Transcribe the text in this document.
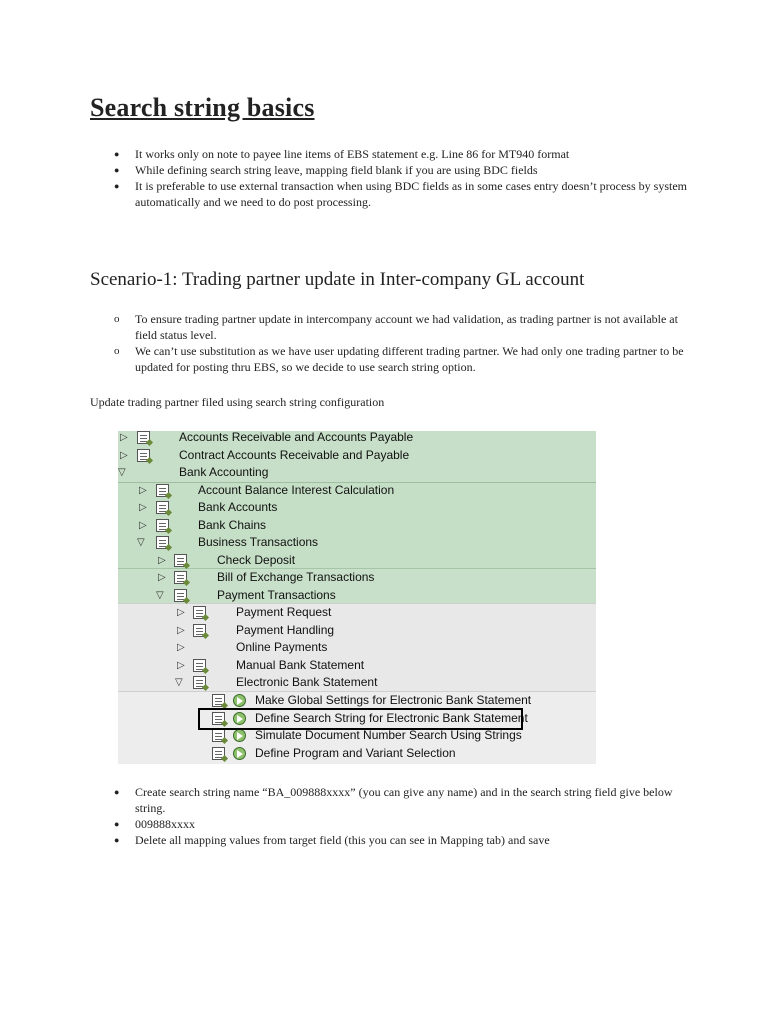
Search string basics
● It works only on note to payee line items of EBS statement e.g. Line 86 for MT940 format
● While defining search string leave, mapping field blank if you are using BDC fields
● It is preferable to use external transaction when using BDC fields as in some cases entry doesn’t process by system automatically and we need to do post processing.
Scenario-1: Trading partner update in Inter-company GL account
o To ensure trading partner update in intercompany account we had validation, as trading partner is not available at field status level.
o We can’t use substitution as we have user updating different trading partner. We had only one trading partner to be updated for posting thru EBS, so we decide to use search string option.
Update trading partner filed using search string configuration
▷	Accounts Receivable and Accounts Payable
▷	Contract Accounts Receivable and Payable
▽	Bank Accounting
▷	Account Balance Interest Calculation
▷	Bank Accounts
▷	Bank Chains
▽	Business Transactions
▷	Check Deposit
▷	Bill of Exchange Transactions
▽	Payment Transactions
▷	Payment Request
▷	Payment Handling
▷	Online Payments
▷	Manual Bank Statement
▽	Electronic Bank Statement
Make Global Settings for Electronic Bank Statement
Define Search String for Electronic Bank Statement
Simulate Document Number Search Using Strings
Define Program and Variant Selection
● Create search string name “BA_009888xxxx” (you can give any name) and in the search string field give below string.
● 009888xxxx
● Delete all mapping values from target field (this you can see in Mapping tab) and save
